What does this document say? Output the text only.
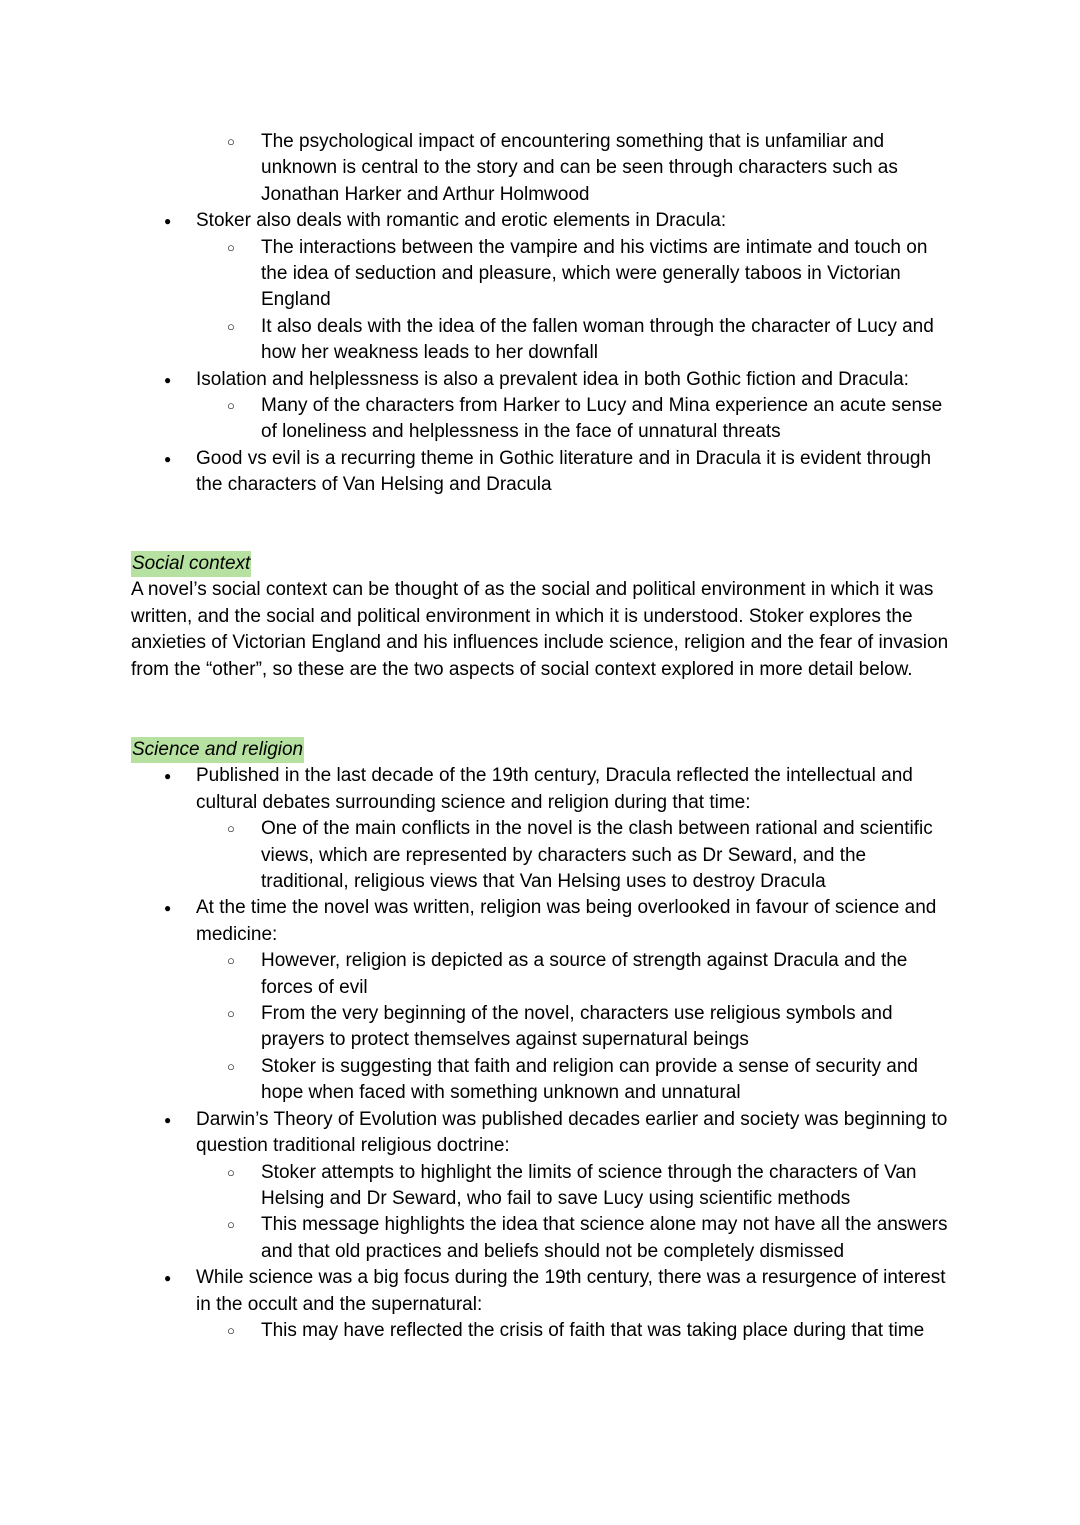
○ The psychological impact of encountering something that is unfamiliar and unknown is central to the story and can be seen through characters such as Jonathan Harker and Arthur Holmwood
● Stoker also deals with romantic and erotic elements in Dracula:
○ The interactions between the vampire and his victims are intimate and touch on the idea of seduction and pleasure, which were generally taboos in Victorian England
○ It also deals with the idea of the fallen woman through the character of Lucy and how her weakness leads to her downfall
● Isolation and helplessness is also a prevalent idea in both Gothic fiction and Dracula:
○ Many of the characters from Harker to Lucy and Mina experience an acute sense of loneliness and helplessness in the face of unnatural threats
● Good vs evil is a recurring theme in Gothic literature and in Dracula it is evident through the characters of Van Helsing and Dracula
Social context

A novel’s social context can be thought of as the social and political environment in which it was written, and the social and political environment in which it is understood. Stoker explores the anxieties of Victorian England and his influences include science, religion and the fear of invasion from the “other”, so these are the two aspects of social context explored in more detail below.

Science and religion
● Published in the last decade of the 19th century, Dracula reflected the intellectual and cultural debates surrounding science and religion during that time:
○ One of the main conflicts in the novel is the clash between rational and scientific views, which are represented by characters such as Dr Seward, and the traditional, religious views that Van Helsing uses to destroy Dracula
● At the time the novel was written, religion was being overlooked in favour of science and medicine:
○ However, religion is depicted as a source of strength against Dracula and the forces of evil
○ From the very beginning of the novel, characters use religious symbols and prayers to protect themselves against supernatural beings
○ Stoker is suggesting that faith and religion can provide a sense of security and hope when faced with something unknown and unnatural
● Darwin’s Theory of Evolution was published decades earlier and society was beginning to question traditional religious doctrine:
○ Stoker attempts to highlight the limits of science through the characters of Van Helsing and Dr Seward, who fail to save Lucy using scientific methods
○ This message highlights the idea that science alone may not have all the answers and that old practices and beliefs should not be completely dismissed
● While science was a big focus during the 19th century, there was a resurgence of interest in the occult and the supernatural:
○ This may have reflected the crisis of faith that was taking place during that time
